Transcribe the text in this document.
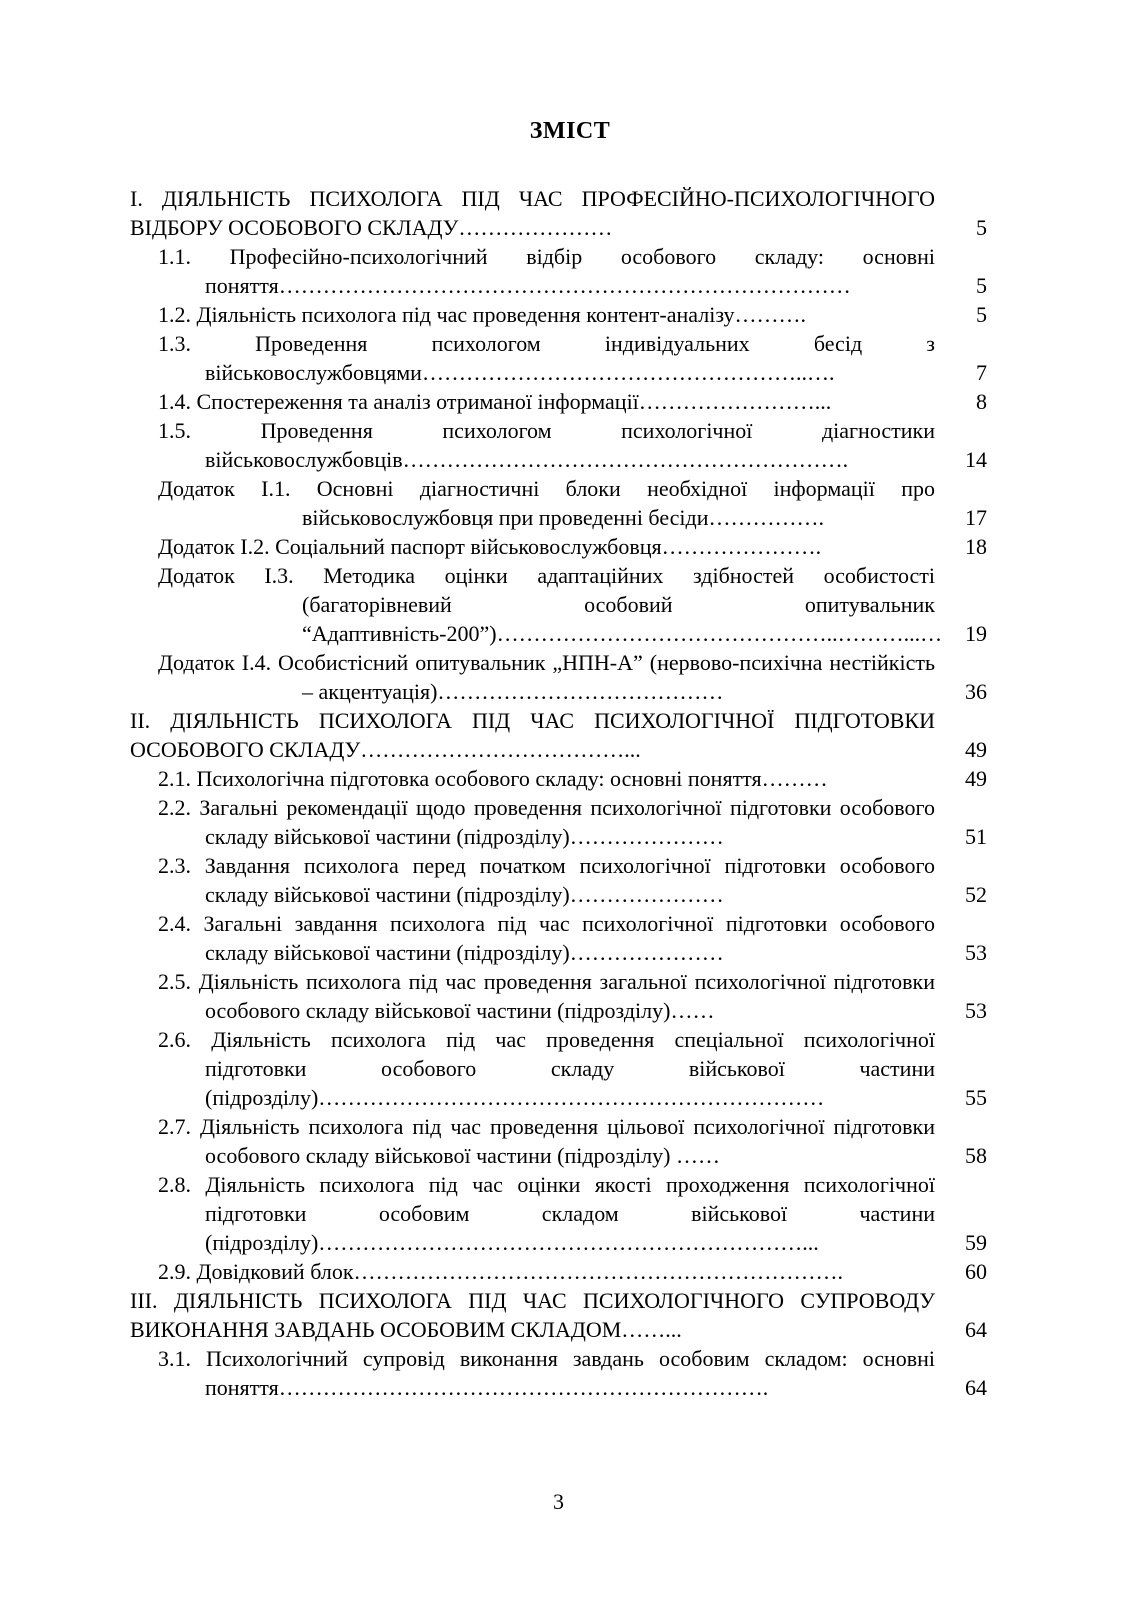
ЗМІСТ
І. ДІЯЛЬНІСТЬ ПСИХОЛОГА ПІД ЧАС ПРОФЕСІЙНО-ПСИХОЛОГІЧНОГО ВІДБОРУ ОСОБОВОГО СКЛАДУ…………………	5
1.1. Професійно-психологічний відбір особового складу: основні поняття……………………………………………………………………	5
1.2. Діяльність психолога під час проведення контент-аналізу……….	5
1.3. Проведення психологом індивідуальних бесід з військовослужбовцями……………………………………………..….	7
1.4. Спостереження та аналіз отриманої інформації……………………...	8
1.5. Проведення психологом психологічної діагностики військовослужбовців…………………………………………………….	14
Додаток І.1. Основні діагностичні блоки необхідної інформації про військовослужбовця при проведенні бесіди…………….	17
Додаток І.2. Соціальний паспорт військовослужбовця………………….	18
Додаток І.3. Методика оцінки адаптаційних здібностей особистості (багаторівневий особовий опитувальник “Адаптивність-200”)………………………………………..………...…	19
Додаток І.4. Особистісний опитувальник „НПН-А” (нервово-психічна нестійкість – акцентуація)…………………………………	36
ІІ. ДІЯЛЬНІСТЬ ПСИХОЛОГА ПІД ЧАС ПСИХОЛОГІЧНОЇ ПІДГОТОВКИ ОСОБОВОГО СКЛАДУ………………………………...	49
2.1. Психологічна підготовка особового складу: основні поняття………	49
2.2. Загальні рекомендації щодо проведення психологічної підготовки особового складу військової частини (підрозділу)…………………	51
2.3. Завдання психолога перед початком психологічної підготовки особового складу військової частини (підрозділу)…………………	52
2.4. Загальні завдання психолога під час психологічної підготовки особового складу військової частини (підрозділу)…………………	53
2.5. Діяльність психолога під час проведення загальної психологічної підготовки особового складу військової частини (підрозділу)……	53
2.6. Діяльність психолога під час проведення спеціальної психологічної підготовки особового складу військової частини (підрозділу)……………………………………………………………	55
2.7. Діяльність психолога під час проведення цільової психологічної підготовки особового складу військової частини (підрозділу) ……	58
2.8. Діяльність психолога під час оцінки якості проходження психологічної підготовки особовим складом військової частини (підрозділу)…………………………………………………………...	59
2.9. Довідковий блок………………………………………………………….	60
ІІІ. ДІЯЛЬНІСТЬ ПСИХОЛОГА ПІД ЧАС ПСИХОЛОГІЧНОГО СУПРОВОДУ ВИКОНАННЯ ЗАВДАНЬ ОСОБОВИМ СКЛАДОМ……...	64
3.1. Психологічний супровід виконання завдань особовим складом: основні поняття………………………………………………………….	64
3
